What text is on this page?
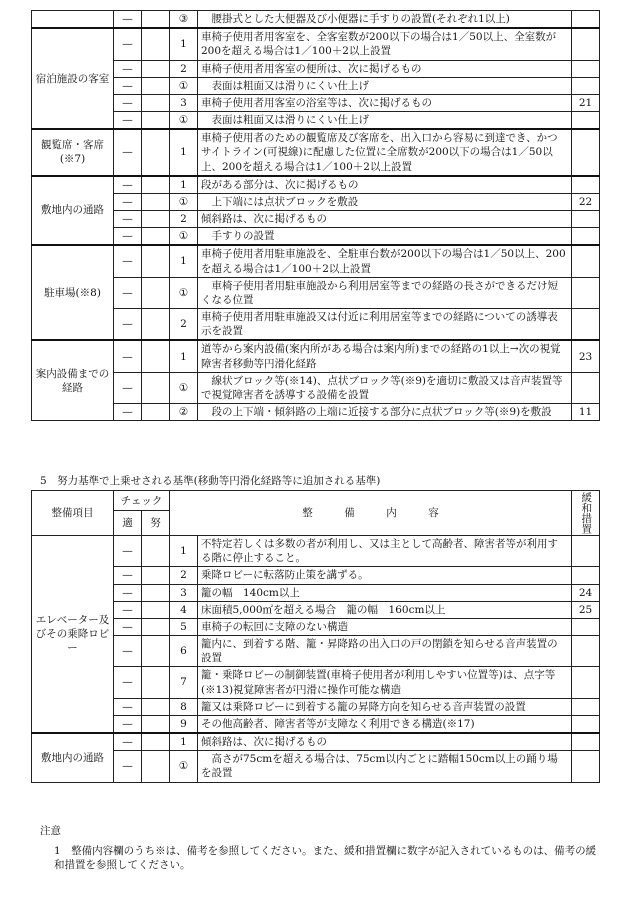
	—		③	腰掛式とした大便器及び小便器に手すりの設置(それぞれ1以上)	
宿泊施設の客室	—		1	車椅子使用者用客室を、全客室数が200以下の場合は1／50以上、全室数が200を超える場合は1／100＋2以上設置	
	—		2	車椅子使用者用客室の便所は、次に掲げるもの	
	—		①	表面は粗面又は滑りにくい仕上げ	
	—		3	車椅子使用者用客室の浴室等は、次に掲げるもの	21
	—		①	表面は粗面又は滑りにくい仕上げ	
観覧席・客席(※7)	—		1	車椅子使用者のための観覧席及び客席を、出入口から容易に到達でき、かつサイトライン(可視線)に配慮した位置に全席数が200以下の場合は1／50以上、200を超える場合は1／100＋2以上設置	
敷地内の通路	—		1	段がある部分は、次に掲げるもの	
	—		①	上下端には点状ブロックを敷設	22
	—		2	傾斜路は、次に掲げるもの	
	—		①	手すりの設置	
駐車場(※8)	—		1	車椅子使用者用駐車施設を、全駐車台数が200以下の場合は1／50以上、200を超える場合は1／100＋2以上設置	
	—		①	車椅子使用者用駐車施設から利用居室等までの経路の長さができるだけ短くなる位置	
	—		2	車椅子使用者用駐車施設又は付近に利用居室等までの経路についての誘導表示を設置	
案内設備までの経路	—		1	道等から案内設備(案内所がある場合は案内所)までの経路の1以上→次の視覚障害者移動等円滑化経路	23
	—		①	線状ブロック等(※14)、点状ブロック等(※9)を適切に敷設又は音声装置等で視覚障害者を誘導する設備を設置	
	—		②	段の上下端・傾斜路の上端に近接する部分に点状ブロック等(※9)を敷設	11
5　努力基準で上乗せされる基準(移動等円滑化経路等に追加される基準)
整備項目	チェック		整　　　備　　　内　　　容		緩和措置

	適	努			
エレベーター及びその乗降ロビー	—		1	不特定若しくは多数の者が利用し、又は主として高齢者、障害者等が利用する階に停止すること。	
	—		2	乗降ロビーに転落防止策を講ずる。	
	—		3	籠の幅　140cm以上	24
	—		4	床面積5,000㎡を超える場合　籠の幅　160cm以上	25
	—		5	車椅子の転回に支障のない構造	
	—		6	籠内に、到着する階、籠・昇降路の出入口の戸の閉鎖を知らせる音声装置の設置	
	—		7	籠・乗降ロビーの制御装置(車椅子使用者が利用しやすい位置等)は、点字等(※13)視覚障害者が円滑に操作可能な構造	
	—		8	籠又は乗降ロビーに到着する籠の昇降方向を知らせる音声装置の設置	
	—		9	その他高齢者、障害者等が支障なく利用できる構造(※17)	
敷地内の通路	—		1	傾斜路は、次に掲げるもの	
	—		①	高さが75cmを超える場合は、75cm以内ごとに踏幅150cm以上の踊り場を設置	

注意

1　整備内容欄のうち※は、備考を参照してください。また、緩和措置欄に数字が記入されているものは、備考の緩和措置を参照してください。
